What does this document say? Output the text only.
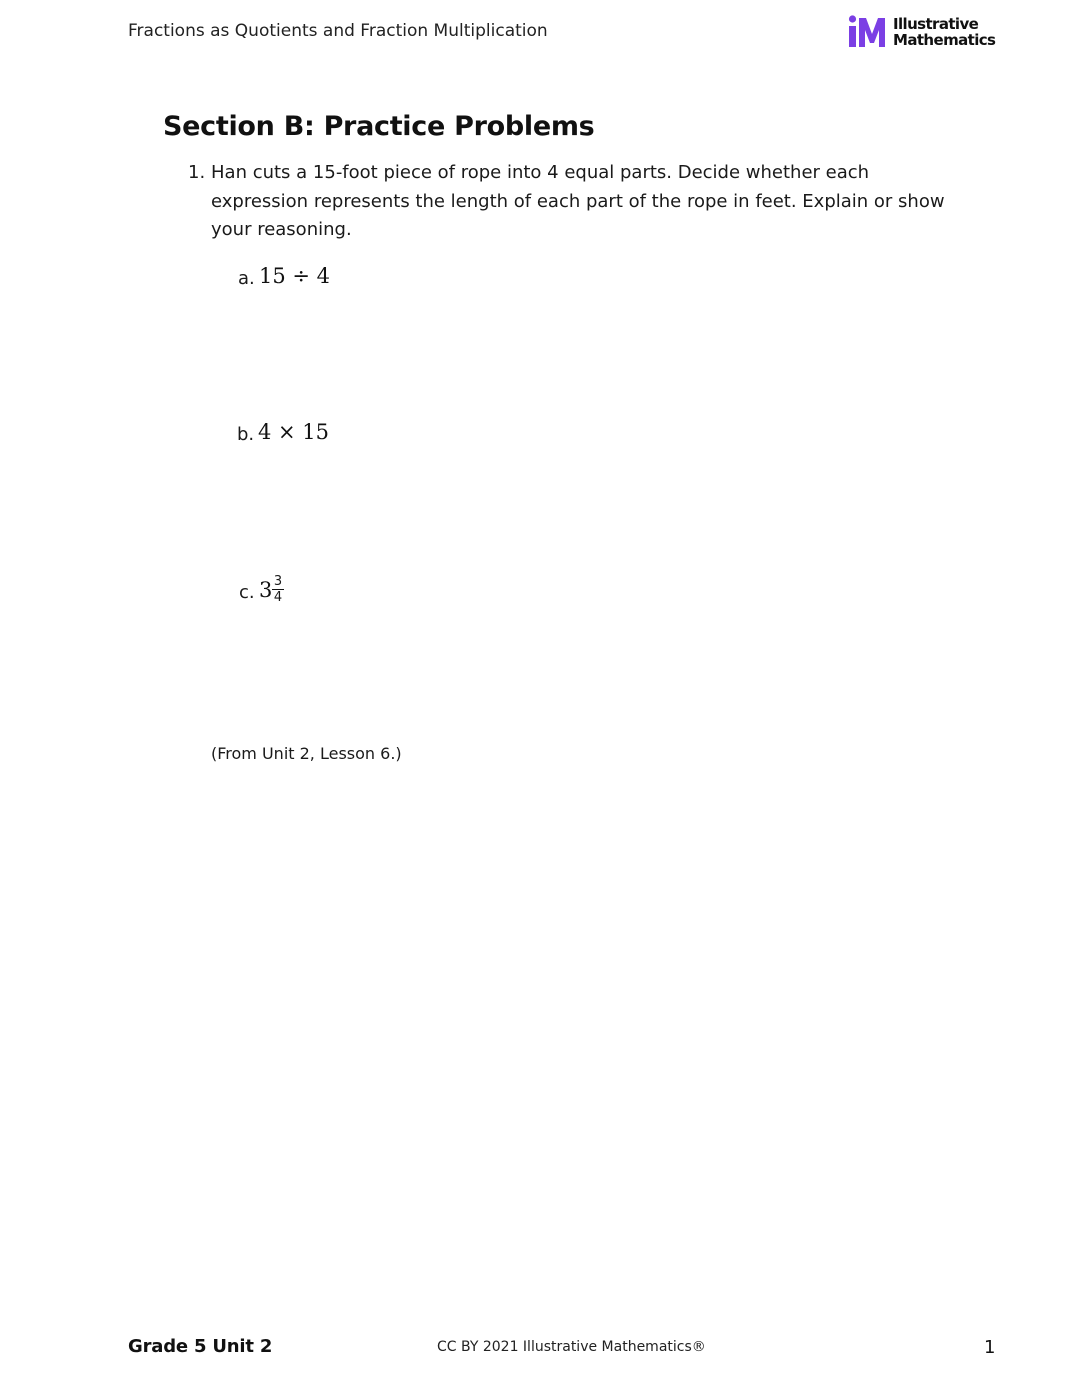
Fractions as Quotients and Fraction Multiplication	Illustrative
Mathematics
Section B: Practice Problems
1. Han cuts a 15-foot piece of rope into 4 equal parts. Decide whether each expression represents the length of each part of the rope in feet. Explain or show your reasoning.
a. 15 ÷ 4
b. 4 × 15
c. 3 3
4
(From Unit 2, Lesson 6.)
Grade 5 Unit 2	CC BY 2021 Illustrative Mathematics®	1
